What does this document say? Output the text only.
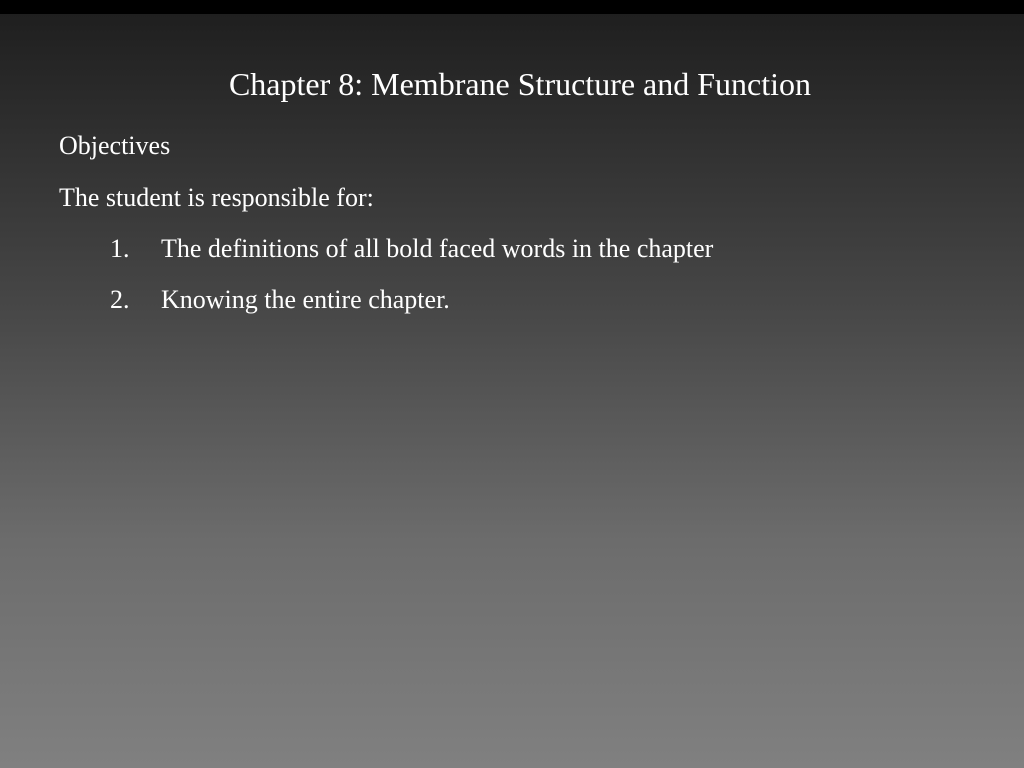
Chapter 8: Membrane Structure and Function
Objectives
The student is responsible for:
1. The definitions of all bold faced words in the chapter
2. Knowing the entire chapter.
